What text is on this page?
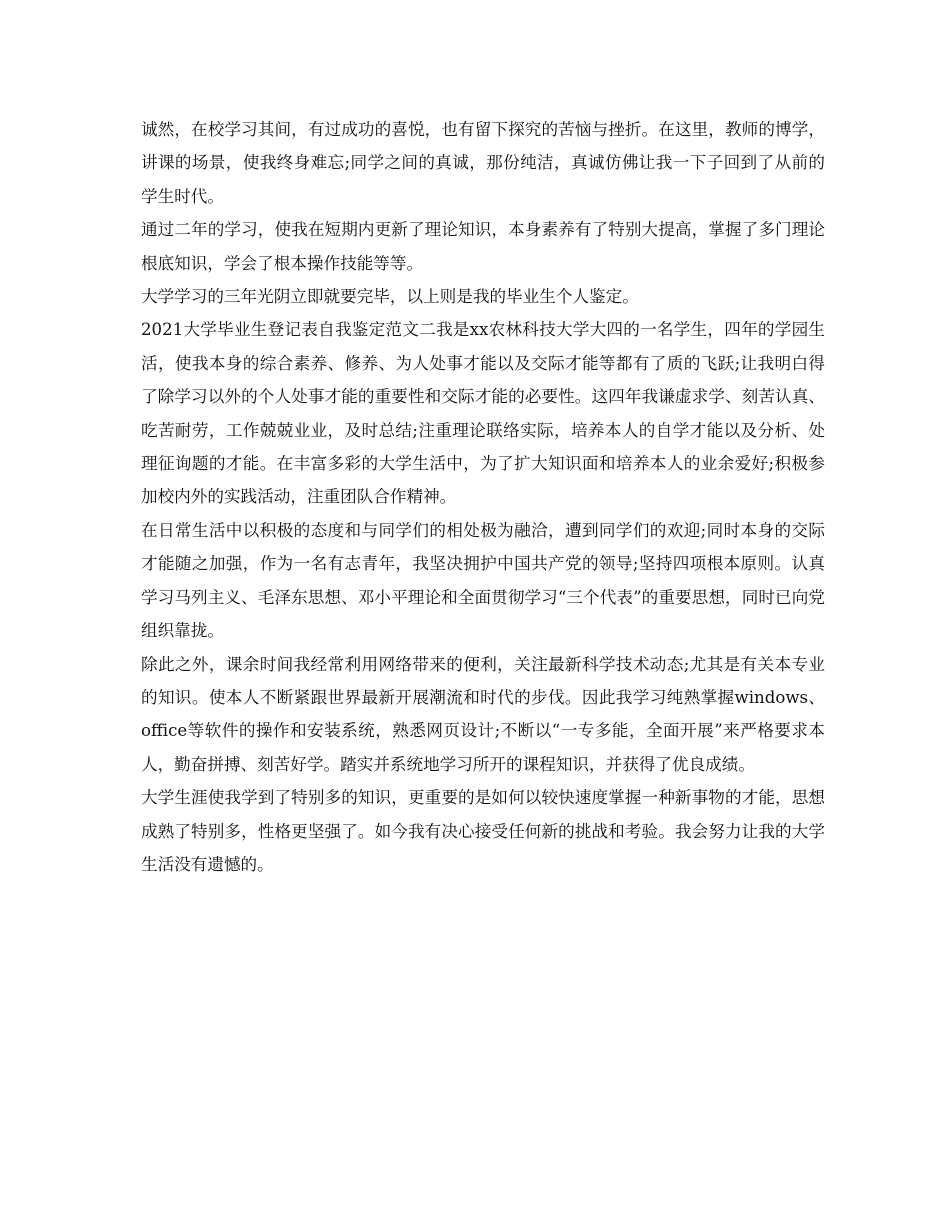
诚然，在校学习其间，有过成功的喜悦，也有留下探究的苦恼与挫折。在这里，教师的博学，讲课的场景，使我终身难忘;同学之间的真诚，那份纯洁，真诚仿佛让我一下子回到了从前的学生时代。

通过二年的学习，使我在短期内更新了理论知识，本身素养有了特别大提高，掌握了多门理论根底知识，学会了根本操作技能等等。

大学学习的三年光阴立即就要完毕，以上则是我的毕业生个人鉴定。

2021大学毕业生登记表自我鉴定范文二我是xx农林科技大学大四的一名学生，四年的学园生活，使我本身的综合素养、修养、为人处事才能以及交际才能等都有了质的飞跃;让我明白得了除学习以外的个人处事才能的重要性和交际才能的必要性。这四年我谦虚求学、刻苦认真、吃苦耐劳，工作兢兢业业，及时总结;注重理论联络实际，培养本人的自学才能以及分析、处理征询题的才能。在丰富多彩的大学生活中，为了扩大知识面和培养本人的业余爱好;积极参加校内外的实践活动，注重团队合作精神。

在日常生活中以积极的态度和与同学们的相处极为融洽，遭到同学们的欢迎;同时本身的交际才能随之加强，作为一名有志青年，我坚决拥护中国共产党的领导;坚持四项根本原则。认真学习马列主义、毛泽东思想、邓小平理论和全面贯彻学习“三个代表”的重要思想，同时已向党组织靠拢。

除此之外，课余时间我经常利用网络带来的便利，关注最新科学技术动态;尤其是有关本专业的知识。使本人不断紧跟世界最新开展潮流和时代的步伐。因此我学习纯熟掌握windows、office等软件的操作和安装系统，熟悉网页设计;不断以“一专多能，全面开展”来严格要求本人，勤奋拼搏、刻苦好学。踏实并系统地学习所开的课程知识，并获得了优良成绩。

大学生涯使我学到了特别多的知识，更重要的是如何以较快速度掌握一种新事物的才能，思想成熟了特别多，性格更坚强了。如今我有决心接受任何新的挑战和考验。我会努力让我的大学生活没有遗憾的。
